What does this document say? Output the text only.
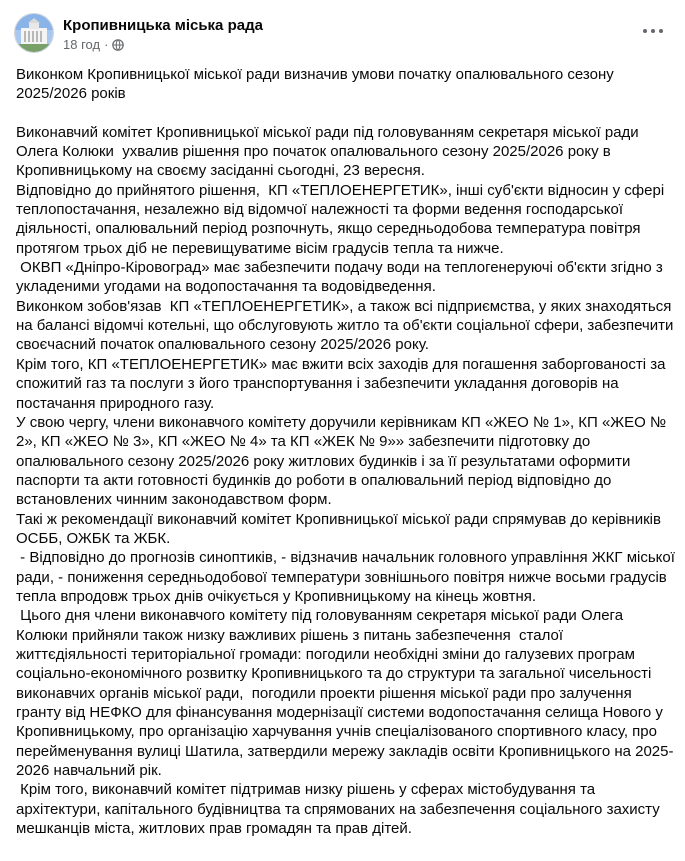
Кропивницька міська рада
18 год ·

Виконком Кропивницької міської ради визначив умови початку опалювального сезону 2025/2026 років

Виконавчий комітет Кропивницької міської ради під головуванням секретаря міської ради Олега Колюки  ухвалив рішення про початок опалювального сезону 2025/2026 року в Кропивницькому на своєму засіданні сьогодні, 23 вересня.

Відповідно до прийнятого рішення,  КП «ТЕПЛОЕНЕРГЕТИК», інші суб'єкти відносин у сфері теплопостачання, незалежно від відомчої належності та форми ведення господарської діяльності, опалювальний період розпочнуть, якщо середньодобова температура повітря протягом трьох діб не перевищуватиме вісім градусів тепла та нижче.

ОКВП «Дніпро-Кіровоград» має забезпечити подачу води на теплогенеруючі об'єкти згідно з укладеними угодами на водопостачання та водовідведення.

Виконком зобов'язав  КП «ТЕПЛОЕНЕРГЕТИК», а також всі підприємства, у яких знаходяться на балансі відомчі котельні, що обслуговують житло та об'єкти соціальної сфери, забезпечити своєчасний початок опалювального сезону 2025/2026 року.

Крім того, КП «ТЕПЛОЕНЕРГЕТИК» має вжити всіх заходів для погашення заборгованості за спожитий газ та послуги з його транспортування і забезпечити укладання договорів на постачання природного газу.

У свою чергу, члени виконавчого комітету доручили керівникам КП «ЖЕО № 1», КП «ЖЕО № 2», КП «ЖЕО № 3», КП «ЖЕО № 4» та КП «ЖЕК № 9»» забезпечити підготовку до опалювального сезону 2025/2026 року житлових будинків і за її результатами оформити паспорти та акти готовності будинків до роботи в опалювальний період відповідно до встановлених чинним законодавством форм.

Такі ж рекомендації виконавчий комітет Кропивницької міської ради спрямував до керівників ОСББ, ОЖБК та ЖБК.

- Відповідно до прогнозів синоптиків, - відзначив начальник головного управління ЖКГ міської ради, - пониження середньодобової температури зовнішнього повітря нижче восьми градусів тепла впродовж трьох днів очікується у Кропивницькому на кінець жовтня.

Цього дня члени виконавчого комітету під головуванням секретаря міської ради Олега Колюки прийняли також низку важливих рішень з питань забезпечення  сталої життєдіяльності територіальної громади: погодили необхідні зміни до галузевих програм соціально-економічного розвитку Кропивницького та до структури та загальної чисельності виконавчих органів міської ради,  погодили проекти рішення міської ради про залучення гранту від НЕФКО для фінансування модернізації системи водопостачання селища Нового у Кропивницькому, про організацію харчування учнів спеціалізованого спортивного класу, про перейменування вулиці Шатила, затвердили мережу закладів освіти Кропивницького на 2025-2026 навчальний рік.

Крім того, виконавчий комітет підтримав низку рішень у сферах містобудування та архітектури, капітального будівництва та спрямованих на забезпечення соціального захисту мешканців міста, житлових прав громадян та прав дітей.
